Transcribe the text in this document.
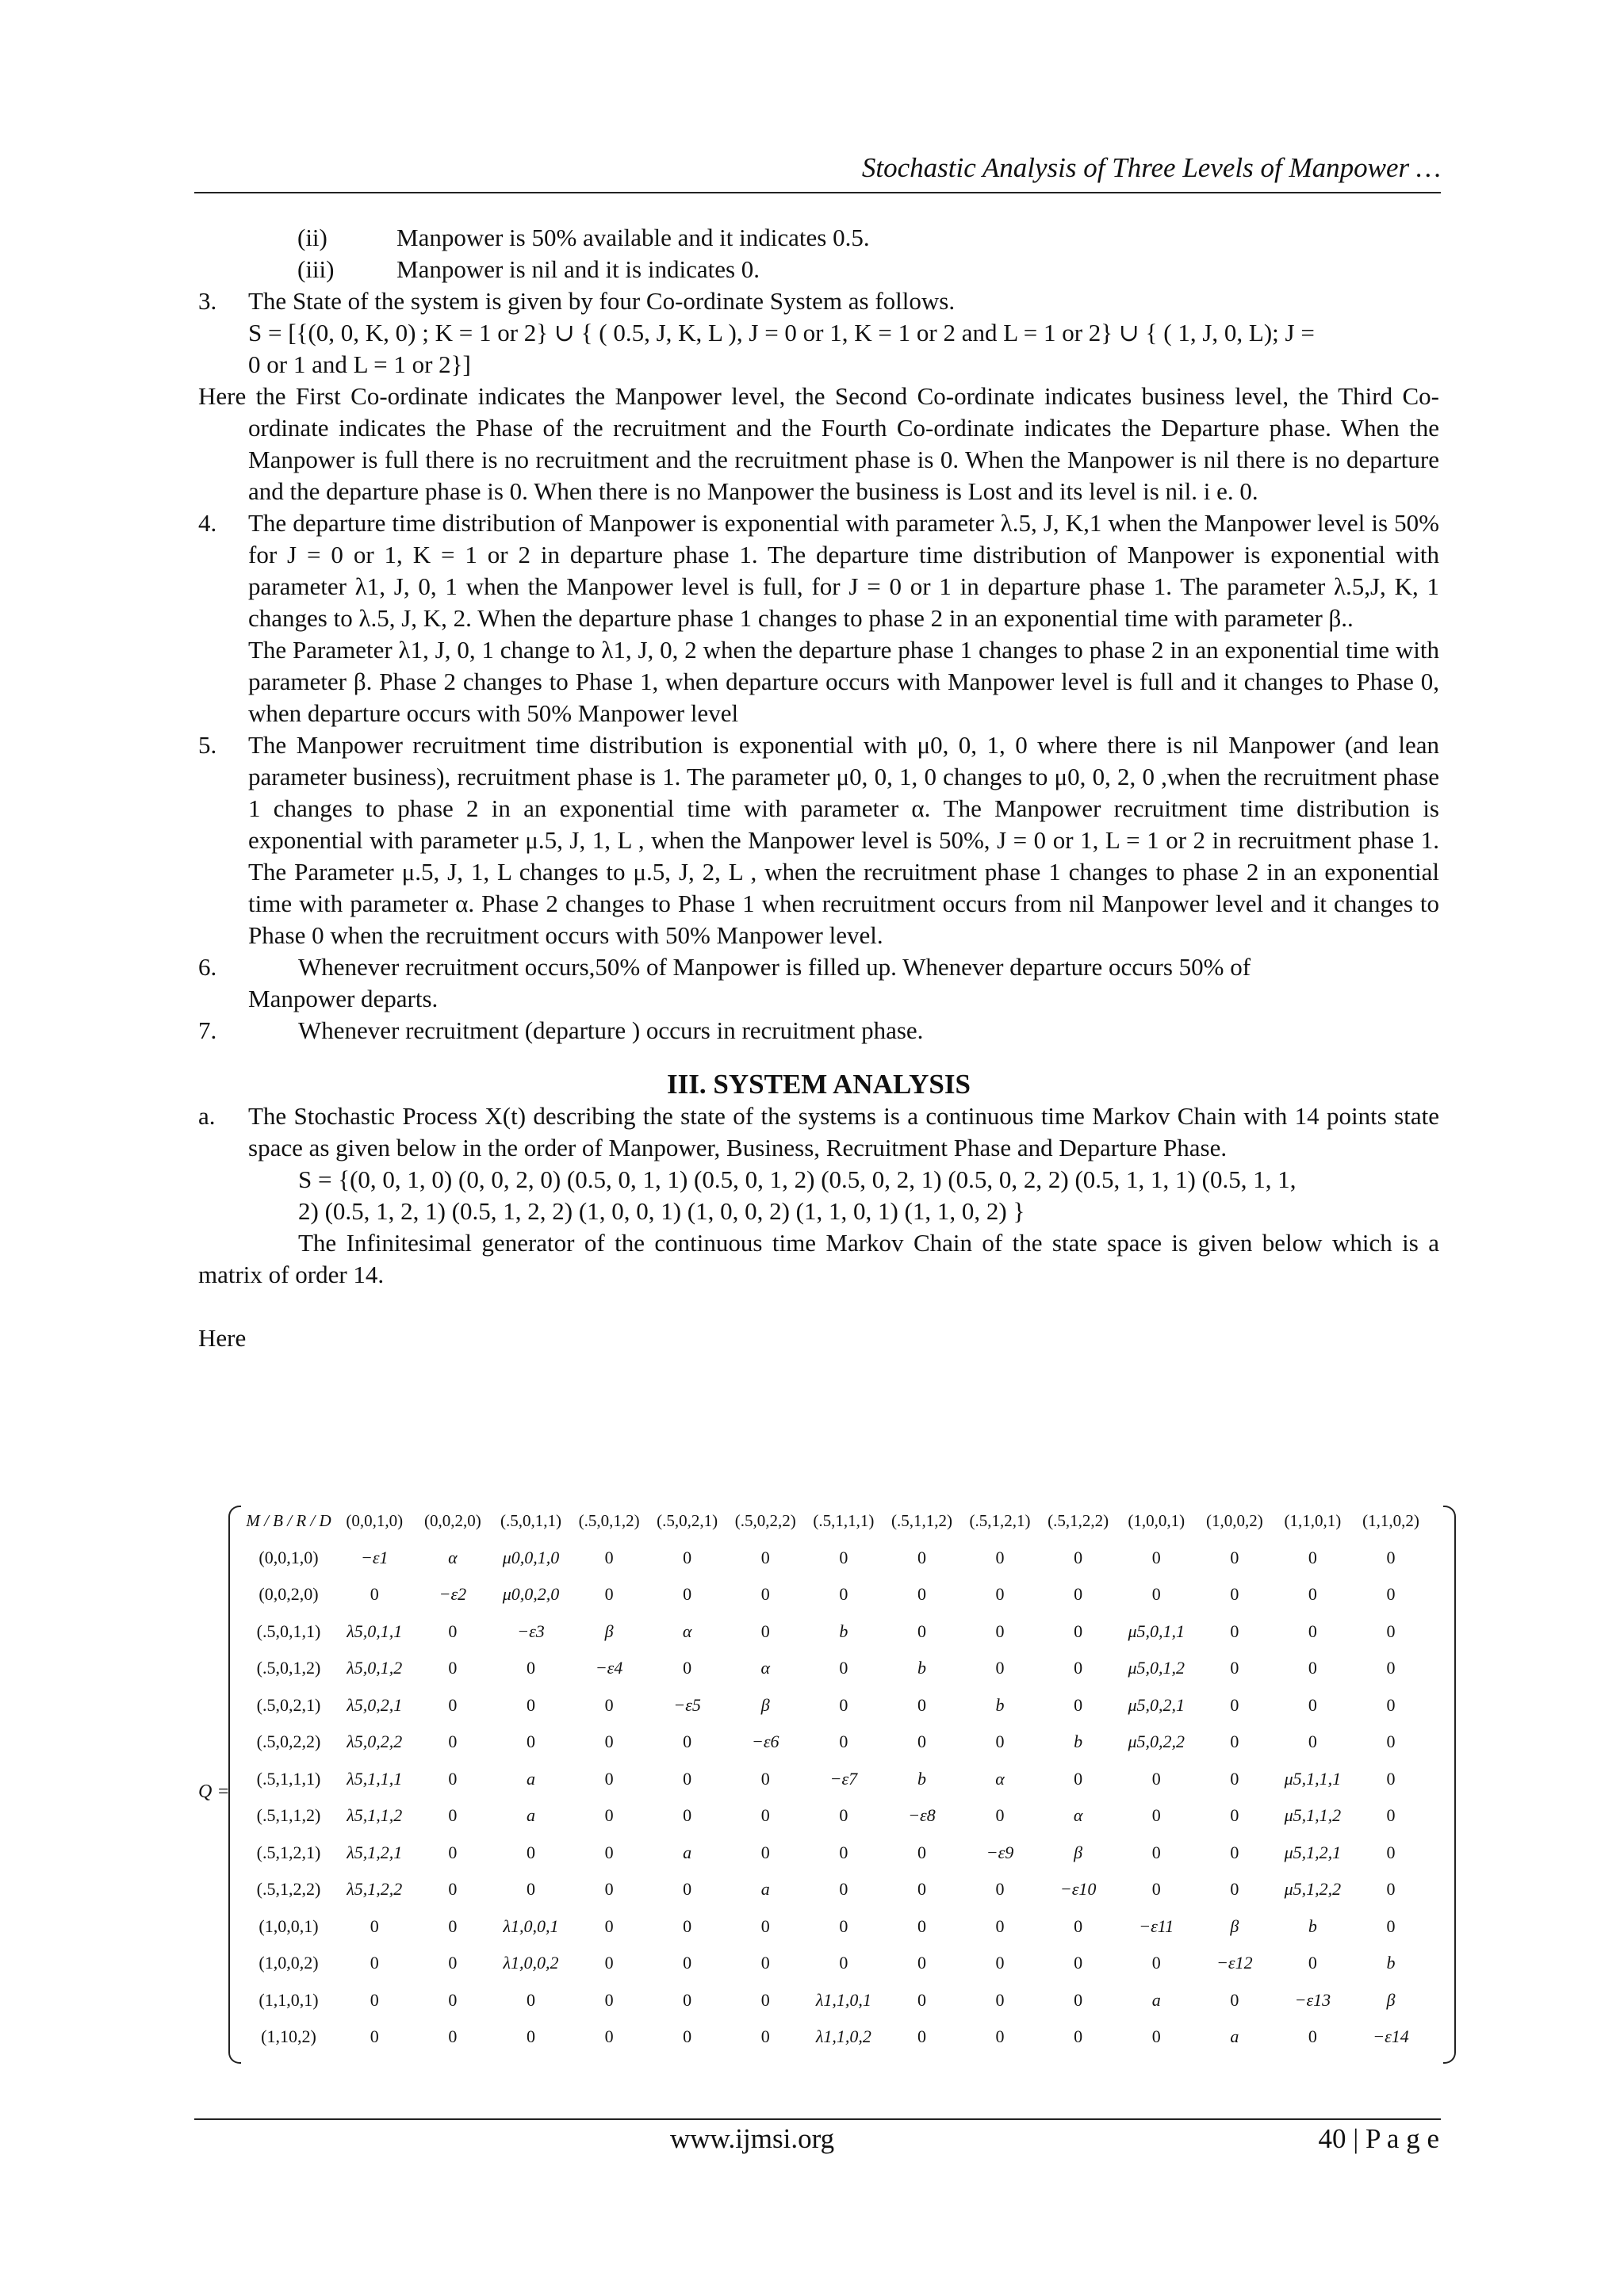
Stochastic Analysis of Three Levels of Manpower …
(ii)	Manpower is 50% available and it indicates 0.5.
(iii)	Manpower is nil and it is indicates 0.
3.	The State of the system is given by four Co-ordinate System as follows.
S = [{(0, 0, K, 0) ; K = 1 or 2} ∪ { ( 0.5, J, K, L ), J = 0 or 1, K = 1 or 2 and L = 1 or 2} ∪ { ( 1, J, 0, L); J =
0 or 1 and L = 1 or 2}]
Here the First Co-ordinate indicates the Manpower level, the Second Co-ordinate indicates business level, the Third Co-ordinate indicates the Phase of the recruitment and the Fourth Co-ordinate indicates the Departure phase. When the Manpower is full there is no recruitment and the recruitment phase is 0. When the Manpower is nil there is no departure and the departure phase is 0. When there is no Manpower the business is Lost and its level is nil. i e. 0.
4.	The departure time distribution of Manpower is exponential with parameter λ.5, J, K,1 when the Manpower level is 50% for J = 0 or 1, K = 1 or 2 in departure phase 1. The departure time distribution of Manpower is exponential with parameter λ1, J, 0, 1 when the Manpower level is full, for J = 0 or 1 in departure phase 1. The parameter λ.5,J, K, 1 changes to λ.5, J, K, 2. When the departure phase 1 changes to phase 2 in an exponential time with parameter β..
The Parameter λ1, J, 0, 1 change to λ1, J, 0, 2 when the departure phase 1 changes to phase 2 in an exponential time with parameter β. Phase 2 changes to Phase 1, when departure occurs with Manpower level is full and it changes to Phase 0, when departure occurs with 50% Manpower level
5.	The Manpower recruitment time distribution is exponential with μ0, 0, 1, 0 where there is nil Manpower (and lean parameter business), recruitment phase is 1. The parameter μ0, 0, 1, 0 changes to μ0, 0, 2, 0 ,when the recruitment phase 1 changes to phase 2 in an exponential time with parameter α. The Manpower recruitment time distribution is exponential with parameter μ.5, J, 1, L , when the Manpower level is 50%, J = 0 or 1, L = 1 or 2 in recruitment phase 1. The Parameter μ.5, J, 1, L changes to μ.5, J, 2, L , when the recruitment phase 1 changes to phase 2 in an exponential time with parameter α. Phase 2 changes to Phase 1 when recruitment occurs from nil Manpower level and it changes to Phase 0 when the recruitment occurs with 50% Manpower level.
6.	Whenever recruitment occurs,50% of Manpower is filled up. Whenever departure occurs 50% of
Manpower departs.
7.	Whenever recruitment (departure ) occurs in recruitment phase.
III. SYSTEM ANALYSIS
a.	The Stochastic Process X(t) describing the state of the systems is a continuous time Markov Chain with 14 points state space as given below in the order of Manpower, Business, Recruitment Phase and Departure Phase.
S = {(0, 0, 1, 0) (0, 0, 2, 0) (0.5, 0, 1, 1) (0.5, 0, 1, 2) (0.5, 0, 2, 1) (0.5, 0, 2, 2) (0.5, 1, 1, 1) (0.5, 1, 1,
2) (0.5, 1, 2, 1) (0.5, 1, 2, 2) (1, 0, 0, 1) (1, 0, 0, 2) (1, 1, 0, 1) (1, 1, 0, 2) }
The Infinitesimal generator of the continuous time Markov Chain of the state space is given below which is a matrix of order 14.
Here
Q =
M / B / R / D	(0,0,1,0)	(0,0,2,0)	(.5,0,1,1)	(.5,0,1,2)	(.5,0,2,1)	(.5,0,2,2)	(.5,1,1,1)	(.5,1,1,2)	(.5,1,2,1)	(.5,1,2,2)	(1,0,0,1)	(1,0,0,2)	(1,1,0,1)	(1,1,0,2)
(0,0,1,0)	−ε1	α	μ0,0,1,0	0	0	0	0	0	0	0	0	0	0	0
(0,0,2,0)	0	−ε2	μ0,0,2,0	0	0	0	0	0	0	0	0	0	0	0
(.5,0,1,1)	λ5,0,1,1	0	−ε3	β	α	0	b	0	0	0	μ5,0,1,1	0	0	0
(.5,0,1,2)	λ5,0,1,2	0	0	−ε4	0	α	0	b	0	0	μ5,0,1,2	0	0	0
(.5,0,2,1)	λ5,0,2,1	0	0	0	−ε5	β	0	0	b	0	μ5,0,2,1	0	0	0
(.5,0,2,2)	λ5,0,2,2	0	0	0	0	−ε6	0	0	0	b	μ5,0,2,2	0	0	0
(.5,1,1,1)	λ5,1,1,1	0	a	0	0	0	−ε7	b	α	0	0	0	μ5,1,1,1	0
(.5,1,1,2)	λ5,1,1,2	0	a	0	0	0	0	−ε8	0	α	0	0	μ5,1,1,2	0
(.5,1,2,1)	λ5,1,2,1	0	0	0	a	0	0	0	−ε9	β	0	0	μ5,1,2,1	0
(.5,1,2,2)	λ5,1,2,2	0	0	0	0	a	0	0	0	−ε10	0	0	μ5,1,2,2	0
(1,0,0,1)	0	0	λ1,0,0,1	0	0	0	0	0	0	0	−ε11	β	b	0
(1,0,0,2)	0	0	λ1,0,0,2	0	0	0	0	0	0	0	0	−ε12	0	b
(1,1,0,1)	0	0	0	0	0	0	λ1,1,0,1	0	0	0	a	0	−ε13	β
(1,10,2)	0	0	0	0	0	0	λ1,1,0,2	0	0	0	0	a	0	−ε14
www.ijmsi.org	40 | P a g e
